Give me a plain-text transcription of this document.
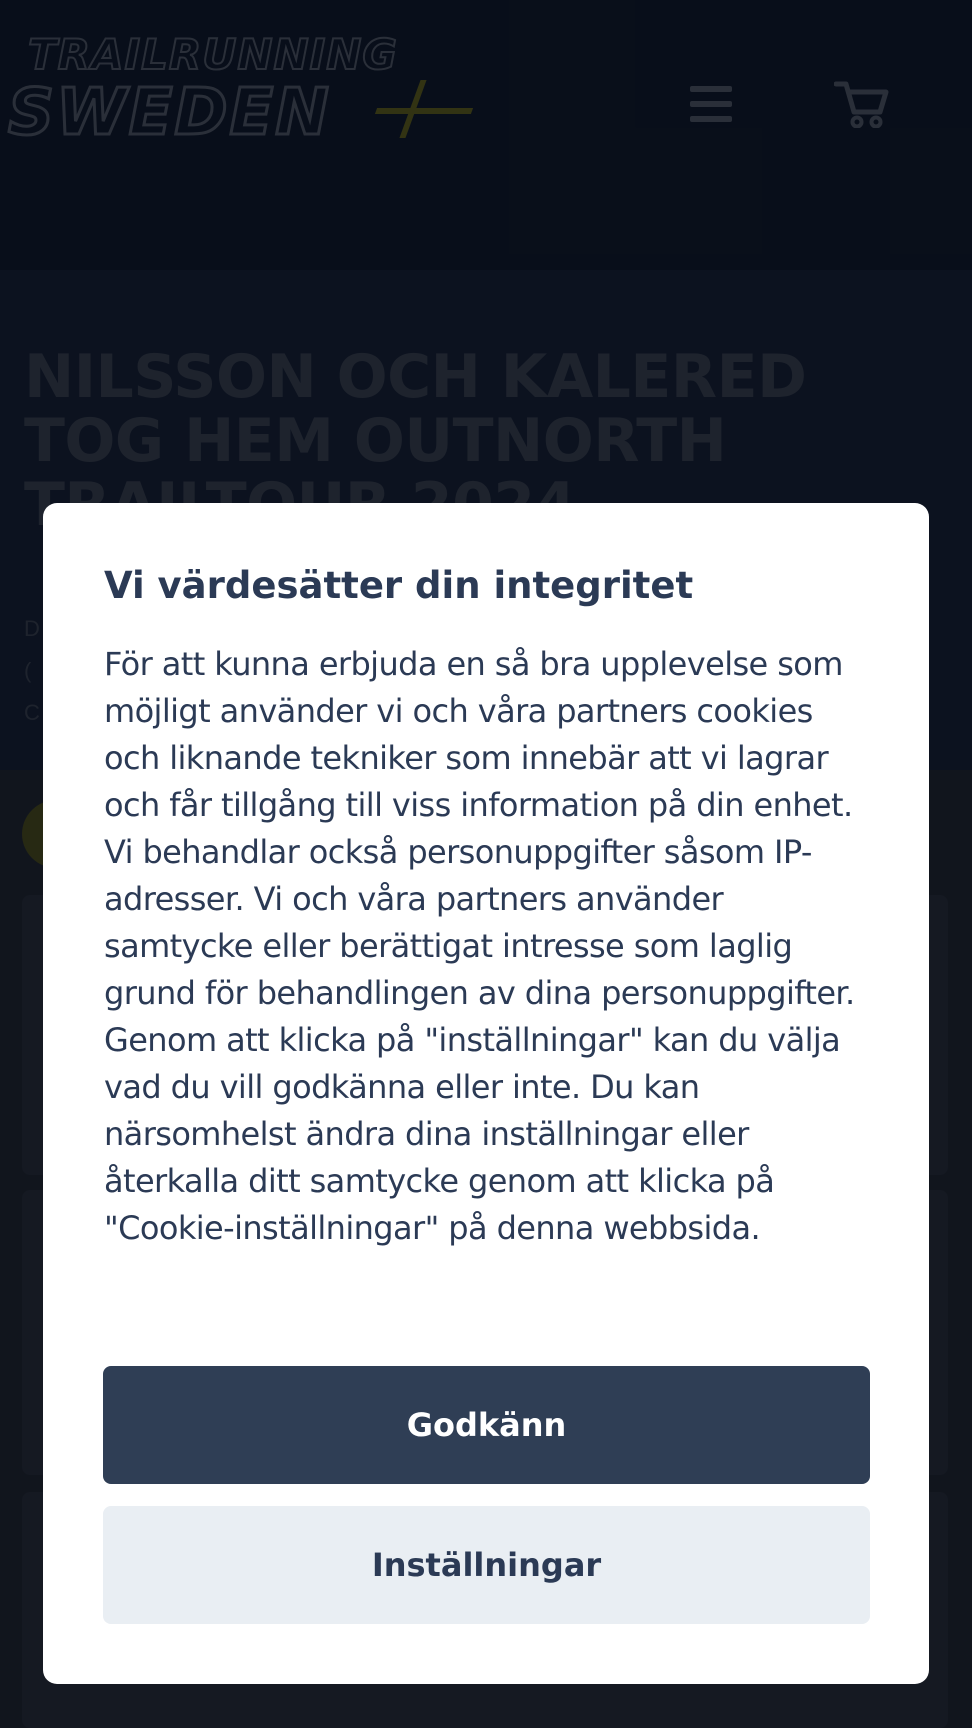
Vi värdesätter din integritet

För att kunna erbjuda en så bra upplevelse som möjligt använder vi och våra partners cookies och liknande tekniker som innebär att vi lagrar och får tillgång till viss information på din enhet. Vi behandlar också personuppgifter såsom IP-adresser. Vi och våra partners använder samtycke eller berättigat intresse som laglig grund för behandlingen av dina personuppgifter. Genom att klicka på "inställningar" kan du välja vad du vill godkänna eller inte. Du kan närsomhelst ändra dina inställningar eller återkalla ditt samtycke genom att klicka på "Cookie-inställningar" på denna webbsida.

Godkänn
Inställningar
